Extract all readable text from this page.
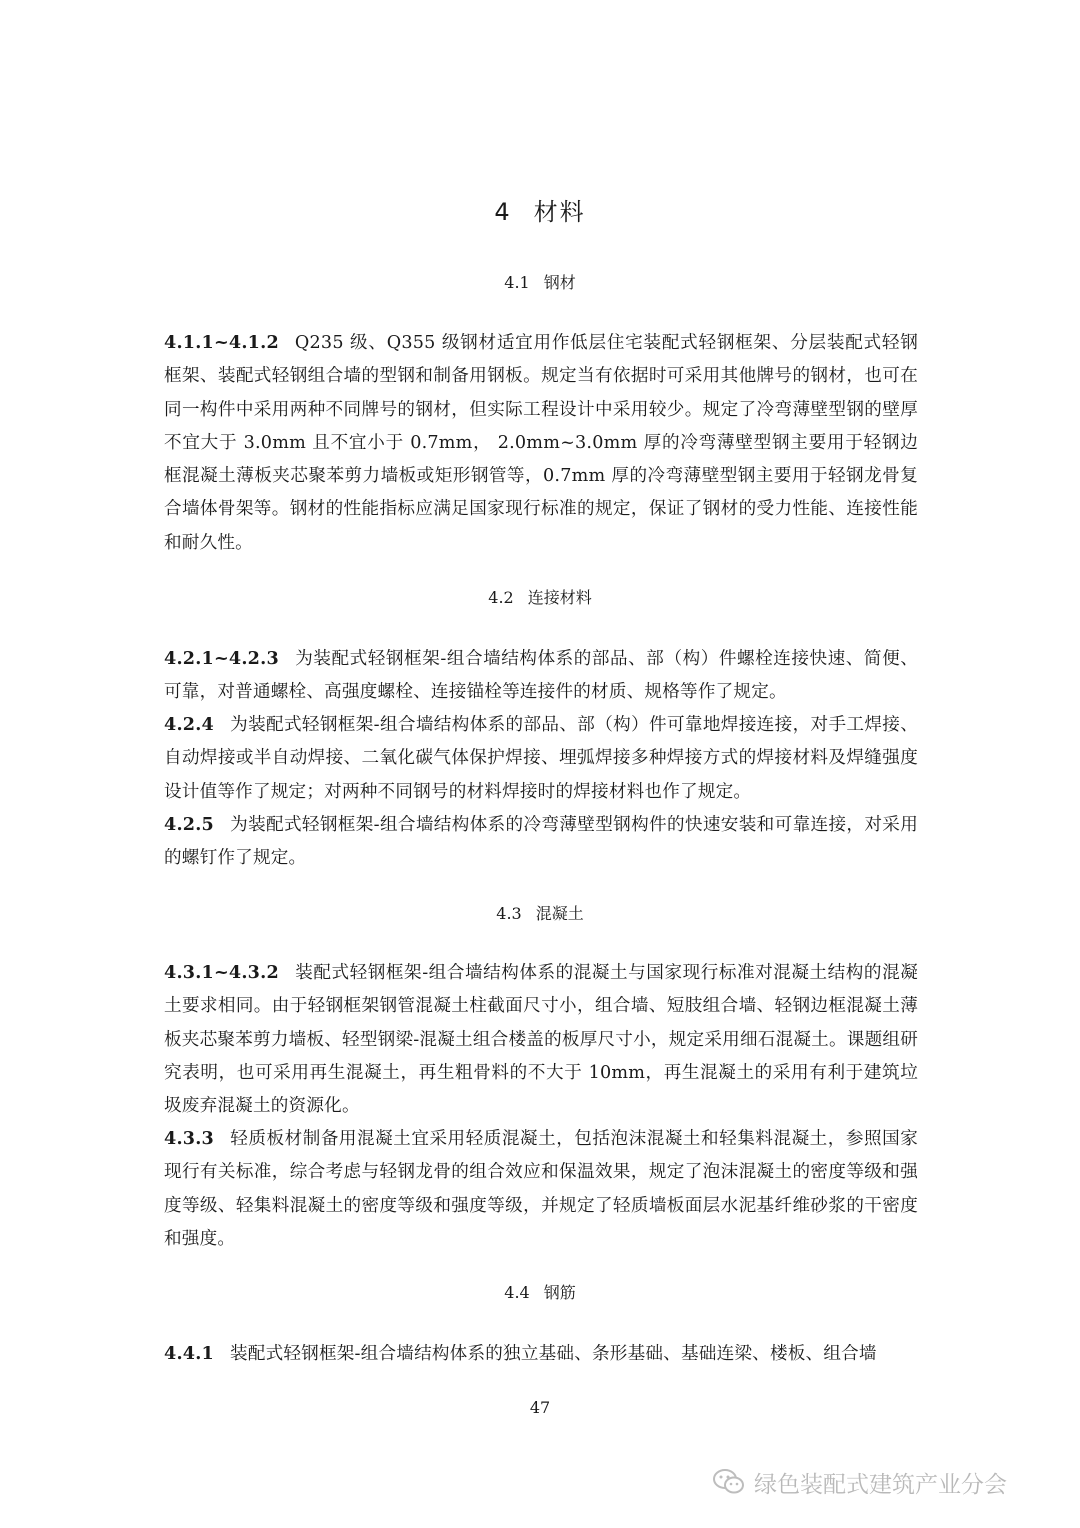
4 材料
4.1 钢材
4.1.1~4.1.2 Q235 级、Q355 级钢材适宜用作低层住宅装配式轻钢框架、分层装配式轻钢框架、装配式轻钢组合墙的型钢和制备用钢板。规定当有依据时可采用其他牌号的钢材，也可在同一构件中采用两种不同牌号的钢材，但实际工程设计中采用较少。规定了冷弯薄壁型钢的壁厚不宜大于 3.0mm 且不宜小于 0.7mm， 2.0mm~3.0mm 厚的冷弯薄壁型钢主要用于轻钢边框混凝土薄板夹芯聚苯剪力墙板或矩形钢管等，0.7mm 厚的冷弯薄壁型钢主要用于轻钢龙骨复合墙体骨架等。钢材的性能指标应满足国家现行标准的规定，保证了钢材的受力性能、连接性能和耐久性。
4.2 连接材料
4.2.1~4.2.3 为装配式轻钢框架-组合墙结构体系的部品、部（构）件螺栓连接快速、简便、可靠，对普通螺栓、高强度螺栓、连接锚栓等连接件的材质、规格等作了规定。
4.2.4 为装配式轻钢框架-组合墙结构体系的部品、部（构）件可靠地焊接连接，对手工焊接、自动焊接或半自动焊接、二氧化碳气体保护焊接、埋弧焊接多种焊接方式的焊接材料及焊缝强度设计值等作了规定；对两种不同钢号的材料焊接时的焊接材料也作了规定。
4.2.5 为装配式轻钢框架-组合墙结构体系的冷弯薄壁型钢构件的快速安装和可靠连接，对采用的螺钉作了规定。
4.3 混凝土
4.3.1~4.3.2 装配式轻钢框架-组合墙结构体系的混凝土与国家现行标准对混凝土结构的混凝土要求相同。由于轻钢框架钢管混凝土柱截面尺寸小，组合墙、短肢组合墙、轻钢边框混凝土薄板夹芯聚苯剪力墙板、轻型钢梁-混凝土组合楼盖的板厚尺寸小，规定采用细石混凝土。课题组研究表明，也可采用再生混凝土，再生粗骨料的不大于 10mm，再生混凝土的采用有利于建筑垃圾废弃混凝土的资源化。
4.3.3 轻质板材制备用混凝土宜采用轻质混凝土，包括泡沫混凝土和轻集料混凝土，参照国家现行有关标准，综合考虑与轻钢龙骨的组合效应和保温效果，规定了泡沫混凝土的密度等级和强度等级、轻集料混凝土的密度等级和强度等级，并规定了轻质墙板面层水泥基纤维砂浆的干密度和强度。
4.4 钢筋
4.4.1 装配式轻钢框架-组合墙结构体系的独立基础、条形基础、基础连梁、楼板、组合墙
47
绿色装配式建筑产业分会
